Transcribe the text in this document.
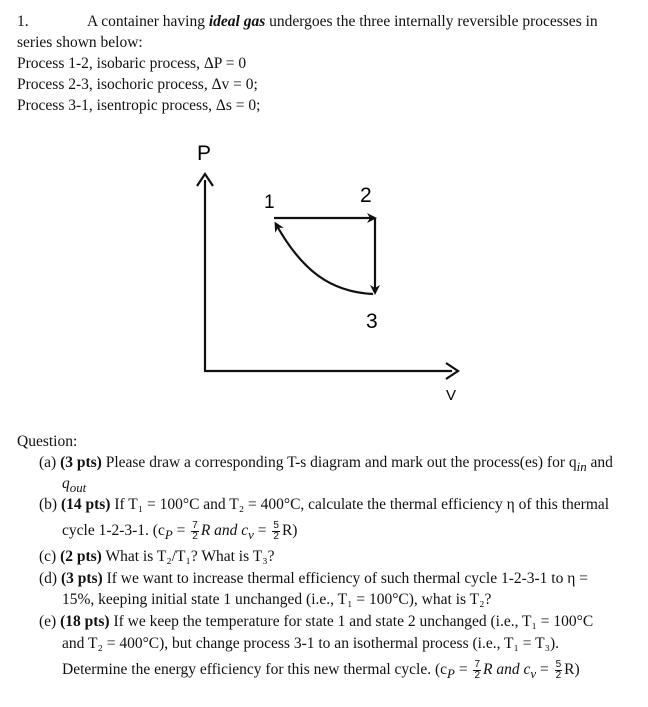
1.	A container having ideal gas undergoes the three internally reversible processes in
series shown below:
Process 1-2, isobaric process, ΔP = 0
Process 2-3, isochoric process, Δv = 0;
Process 3-1, isentropic process, Δs = 0;
P
V
1	2
3
Question:
(a) (3 pts) Please draw a corresponding T-s diagram and mark out the process(es) for $q_{in}$ and
$q_{out}$
(b) (14 pts) If T₁ = 100°C and T₂ = 400°C, calculate the thermal efficiency η of this thermal
cycle 1-2-3-1. ($c_P = \frac{7}{2}$ R and $c_v = \frac{5}{2} R$)
(c) (2 pts) What is T₂/T₁? What is T₃?
(d) (3 pts) If we want to increase thermal efficiency of such thermal cycle 1-2-3-1 to η =
15%, keeping initial state 1 unchanged (i.e., T₁ = 100°C), what is T₂?
(e) (18 pts) If we keep the temperature for state 1 and state 2 unchanged (i.e., T₁ = 100°C
and T₂ = 400°C), but change process 3-1 to an isothermal process (i.e., T₁ = T₃).
Determine the energy efficiency for this new thermal cycle. ($c_P = \frac{7}{2}$ R and $c_v = \frac{5}{2} R$)
